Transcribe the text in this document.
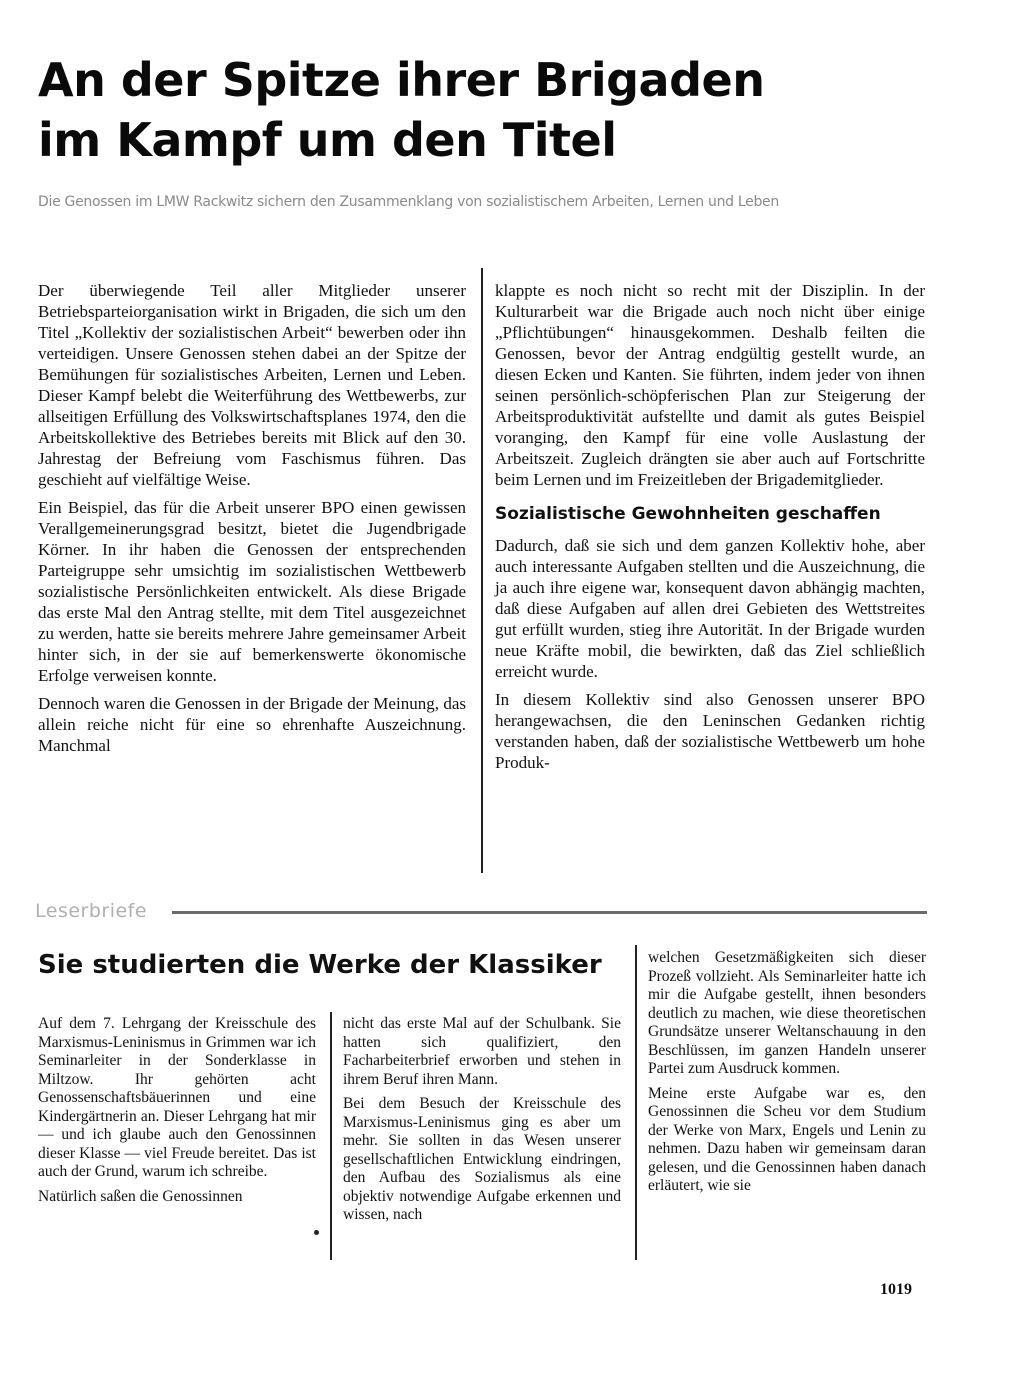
An der Spitze ihrer Brigaden
im Kampf um den Titel
Die Genossen im LMW Rackwitz sichern den Zusammenklang von sozialistischem Arbeiten, Lernen und Leben

Der überwiegende Teil aller Mitglieder unserer Betriebsparteiorganisation wirkt in Brigaden, die sich um den Titel „Kollektiv der sozialistischen Arbeit“ bewerben oder ihn verteidigen. Unsere Genossen stehen dabei an der Spitze der Bemühungen für sozialistisches Arbeiten, Lernen und Leben. Dieser Kampf belebt die Weiterführung des Wettbewerbs, zur allseitigen Erfüllung des Volkswirtschaftsplanes 1974, den die Arbeitskollektive des Betriebes bereits mit Blick auf den 30. Jahrestag der Befreiung vom Faschismus führen. Das geschieht auf vielfältige Weise.

Ein Beispiel, das für die Arbeit unserer BPO einen gewissen Verallgemeinerungsgrad besitzt, bietet die Jugendbrigade Körner. In ihr haben die Genossen der entsprechenden Parteigruppe sehr umsichtig im sozialistischen Wettbewerb sozialistische Persönlichkeiten entwickelt. Als diese Brigade das erste Mal den Antrag stellte, mit dem Titel ausgezeichnet zu werden, hatte sie bereits mehrere Jahre gemeinsamer Arbeit hinter sich, in der sie auf bemerkenswerte ökonomische Erfolge verweisen konnte.

Dennoch waren die Genossen in der Brigade der Meinung, das allein reiche nicht für eine so ehrenhafte Auszeichnung. Manchmal

klappte es noch nicht so recht mit der Disziplin. In der Kulturarbeit war die Brigade auch noch nicht über einige „Pflichtübungen“ hinausgekommen. Deshalb feilten die Genossen, bevor der Antrag endgültig gestellt wurde, an diesen Ecken und Kanten. Sie führten, indem jeder von ihnen seinen persönlich-schöpferischen Plan zur Steigerung der Arbeitsproduktivität aufstellte und damit als gutes Beispiel voranging, den Kampf für eine volle Auslastung der Arbeitszeit. Zugleich drängten sie aber auch auf Fortschritte beim Lernen und im Freizeitleben der Brigademitglieder.

Sozialistische Gewohnheiten geschaffen

Dadurch, daß sie sich und dem ganzen Kollektiv hohe, aber auch interessante Aufgaben stellten und die Auszeichnung, die ja auch ihre eigene war, konsequent davon abhängig machten, daß diese Aufgaben auf allen drei Gebieten des Wettstreites gut erfüllt wurden, stieg ihre Autorität. In der Brigade wurden neue Kräfte mobil, die bewirkten, daß das Ziel schließlich erreicht wurde.

In diesem Kollektiv sind also Genossen unserer BPO herangewachsen, die den Leninschen Gedanken richtig verstanden haben, daß der sozialistische Wettbewerb um hohe Produk-

Leserbriefe
Sie studierten die Werke der Klassiker

Auf dem 7. Lehrgang der Kreisschule des Marxismus-Leninismus in Grimmen war ich Seminarleiter in der Sonderklasse in Miltzow. Ihr gehörten acht Genossenschaftsbäuerinnen und eine Kindergärtnerin an. Dieser Lehrgang hat mir — und ich glaube auch den Genossinnen dieser Klasse — viel Freude bereitet. Das ist auch der Grund, warum ich schreibe.

Natürlich saßen die Genossinnen

nicht das erste Mal auf der Schulbank. Sie hatten sich qualifiziert, den Facharbeiterbrief erworben und stehen in ihrem Beruf ihren Mann.

Bei dem Besuch der Kreisschule des Marxismus-Leninismus ging es aber um mehr. Sie sollten in das Wesen unserer gesellschaftlichen Entwicklung eindringen, den Aufbau des Sozialismus als eine objektiv notwendige Aufgabe erkennen und wissen, nach

welchen Gesetzmäßigkeiten sich dieser Prozeß vollzieht. Als Seminarleiter hatte ich mir die Aufgabe gestellt, ihnen besonders deutlich zu machen, wie diese theoretischen Grundsätze unserer Weltanschauung in den Beschlüssen, im ganzen Handeln unserer Partei zum Ausdruck kommen.

Meine erste Aufgabe war es, den Genossinnen die Scheu vor dem Studium der Werke von Marx, Engels und Lenin zu nehmen. Dazu haben wir gemeinsam daran gelesen, und die Genossinnen haben danach erläutert, wie sie

1019
